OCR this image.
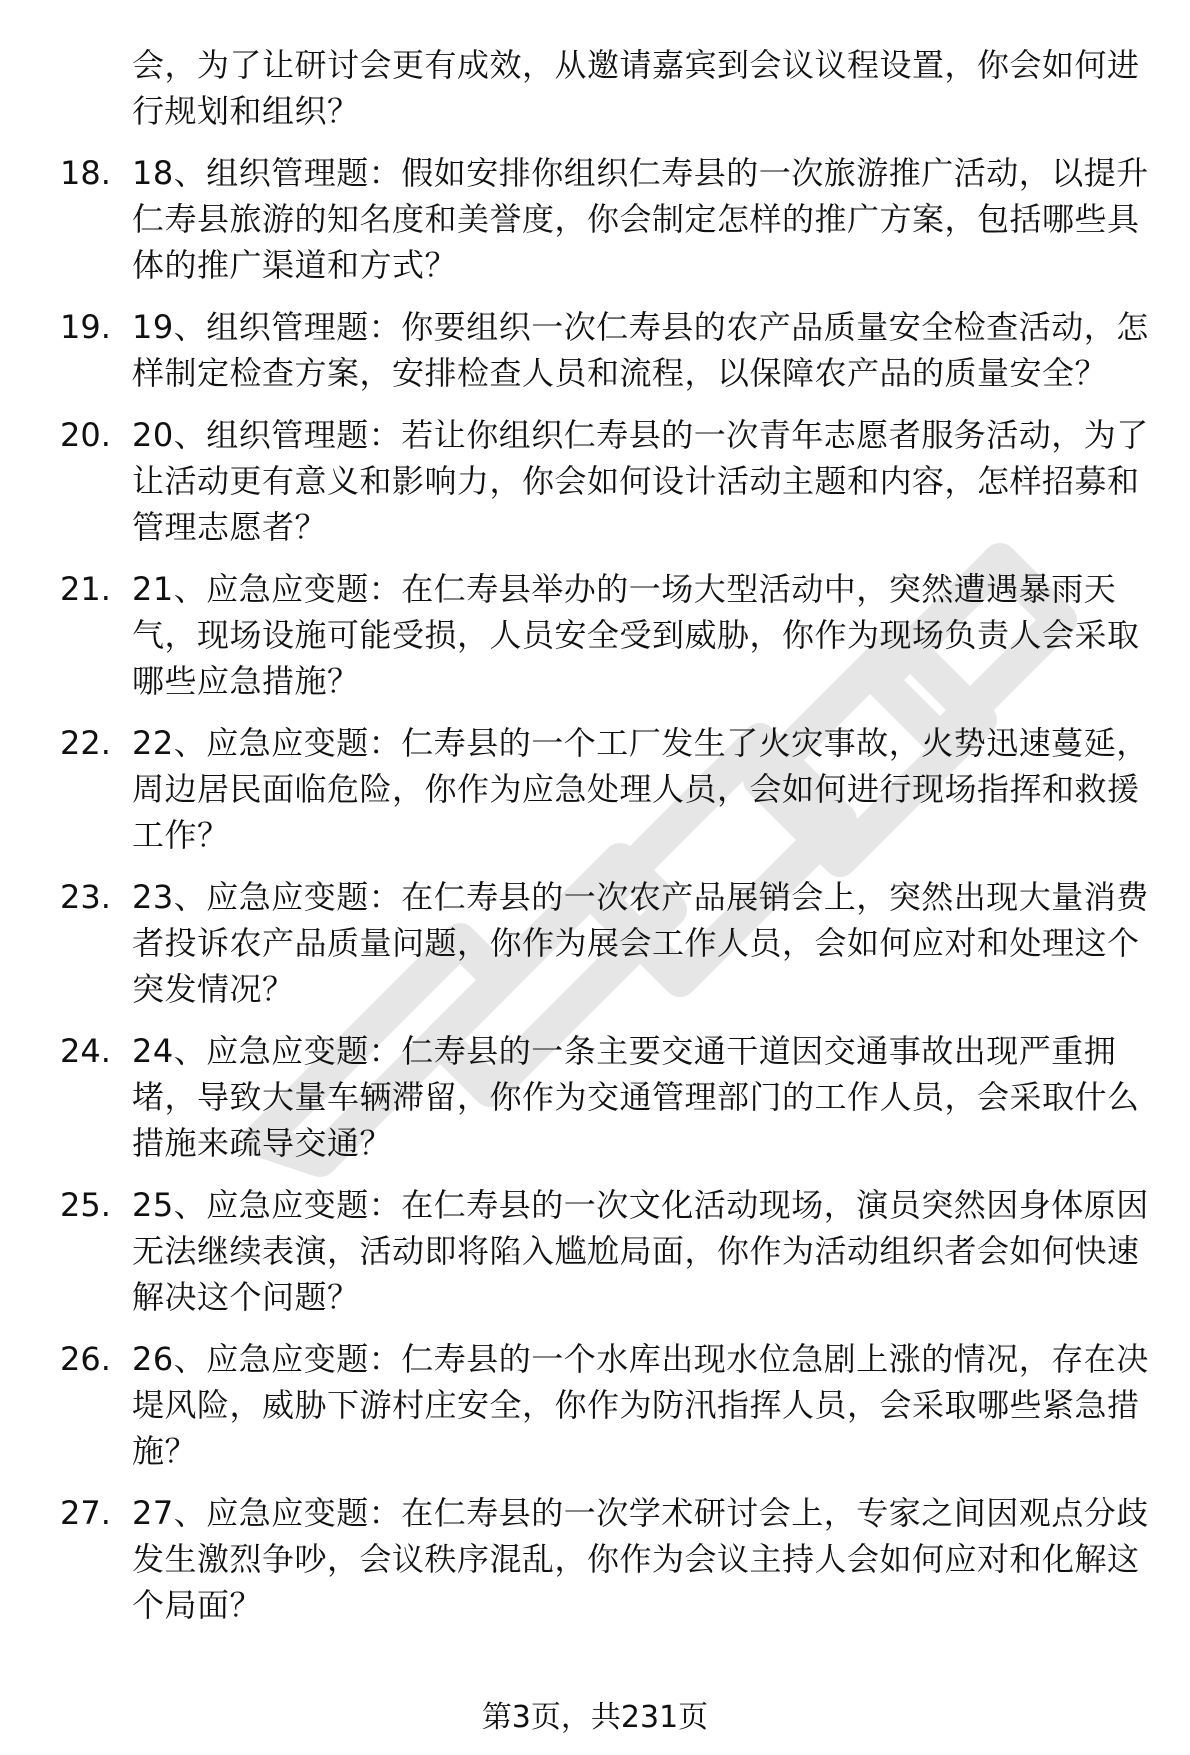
会，为了让研讨会更有成效，从邀请嘉宾到会议议程设置，你会如何进行规划和组织？
18. 18、组织管理题：假如安排你组织仁寿县的一次旅游推广活动，以提升仁寿县旅游的知名度和美誉度，你会制定怎样的推广方案，包括哪些具体的推广渠道和方式？
19. 19、组织管理题：你要组织一次仁寿县的农产品质量安全检查活动，怎样制定检查方案，安排检查人员和流程，以保障农产品的质量安全？
20. 20、组织管理题：若让你组织仁寿县的一次青年志愿者服务活动，为了让活动更有意义和影响力，你会如何设计活动主题和内容，怎样招募和管理志愿者？
21. 21、应急应变题：在仁寿县举办的一场大型活动中，突然遭遇暴雨天气，现场设施可能受损，人员安全受到威胁，你作为现场负责人会采取哪些应急措施？
22. 22、应急应变题：仁寿县的一个工厂发生了火灾事故，火势迅速蔓延，周边居民面临危险，你作为应急处理人员，会如何进行现场指挥和救援工作？
23. 23、应急应变题：在仁寿县的一次农产品展销会上，突然出现大量消费者投诉农产品质量问题，你作为展会工作人员，会如何应对和处理这个突发情况？
24. 24、应急应变题：仁寿县的一条主要交通干道因交通事故出现严重拥堵，导致大量车辆滞留，你作为交通管理部门的工作人员，会采取什么措施来疏导交通？
25. 25、应急应变题：在仁寿县的一次文化活动现场，演员突然因身体原因无法继续表演，活动即将陷入尴尬局面，你作为活动组织者会如何快速解决这个问题？
26. 26、应急应变题：仁寿县的一个水库出现水位急剧上涨的情况，存在决堤风险，威胁下游村庄安全，你作为防汛指挥人员，会采取哪些紧急措施？
27. 27、应急应变题：在仁寿县的一次学术研讨会上，专家之间因观点分歧发生激烈争吵，会议秩序混乱，你作为会议主持人会如何应对和化解这个局面？
第3页，共231页
